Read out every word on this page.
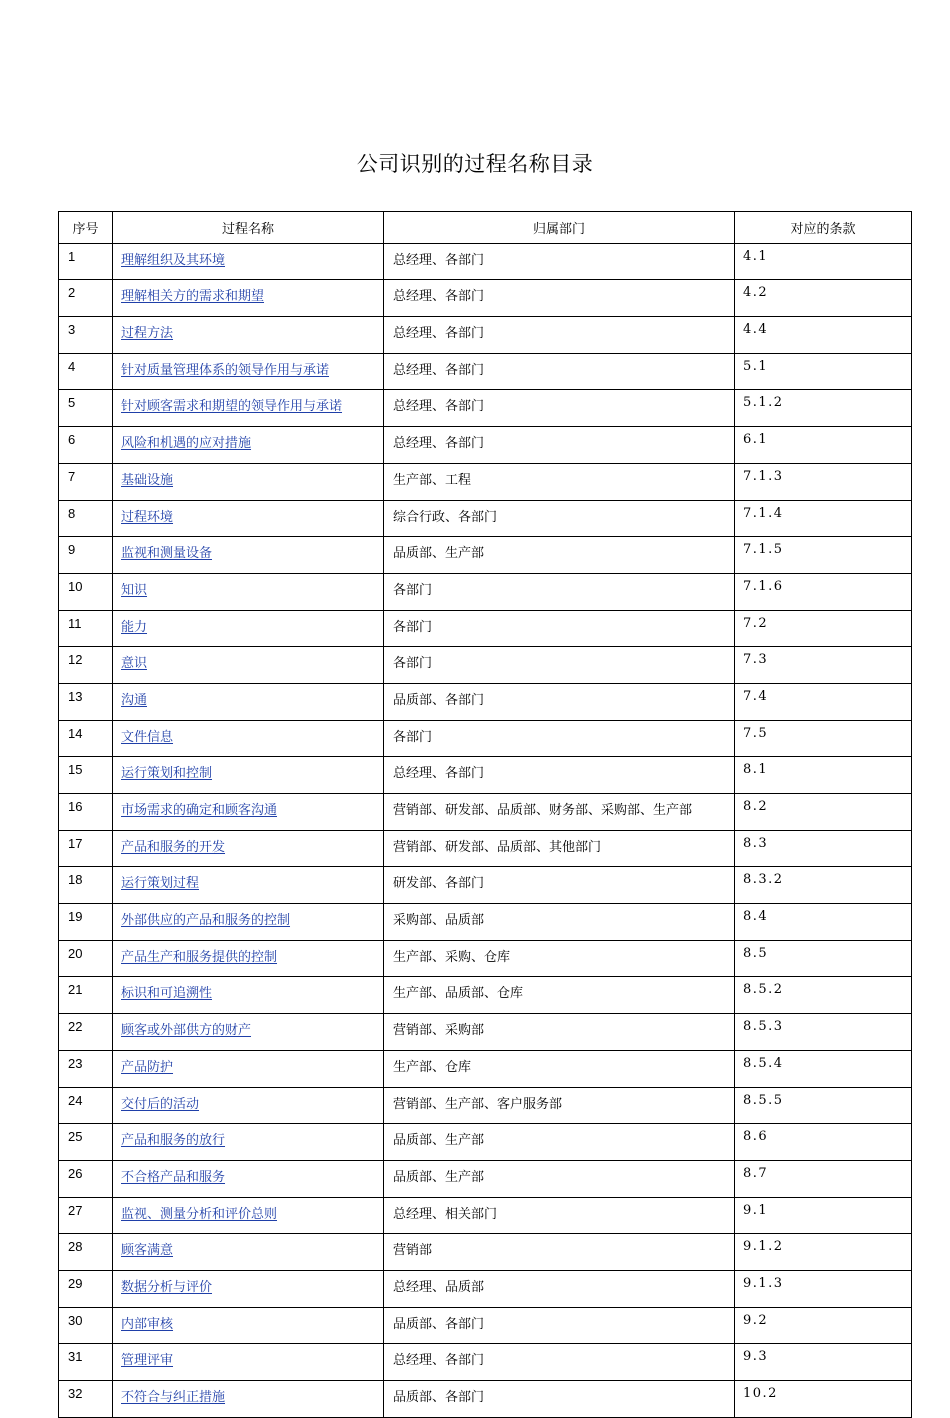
公司识别的过程名称目录
序号	过程名称	归属部门	对应的条款
1	理解组织及其环境	总经理、各部门	4.1
2	理解相关方的需求和期望	总经理、各部门	4.2
3	过程方法	总经理、各部门	4.4
4	针对质量管理体系的领导作用与承诺	总经理、各部门	5.1
5	针对顾客需求和期望的领导作用与承诺	总经理、各部门	5.1.2
6	风险和机遇的应对措施	总经理、各部门	6.1
7	基础设施	生产部、工程	7.1.3
8	过程环境	综合行政、各部门	7.1.4
9	监视和测量设备	品质部、生产部	7.1.5
10	知识	各部门	7.1.6
11	能力	各部门	7.2
12	意识	各部门	7.3
13	沟通	品质部、各部门	7.4
14	文件信息	各部门	7.5
15	运行策划和控制	总经理、各部门	8.1
16	市场需求的确定和顾客沟通	营销部、研发部、品质部、财务部、采购部、生产部	8.2
17	产品和服务的开发	营销部、研发部、品质部、其他部门	8.3
18	运行策划过程	研发部、各部门	8.3.2
19	外部供应的产品和服务的控制	采购部、品质部	8.4
20	产品生产和服务提供的控制	生产部、采购、仓库	8.5
21	标识和可追溯性	生产部、品质部、仓库	8.5.2
22	顾客或外部供方的财产	营销部、采购部	8.5.3
23	产品防护	生产部、仓库	8.5.4
24	交付后的活动	营销部、生产部、客户服务部	8.5.5
25	产品和服务的放行	品质部、生产部	8.6
26	不合格产品和服务	品质部、生产部	8.7
27	监视、测量分析和评价总则	总经理、相关部门	9.1
28	顾客满意	营销部	9.1.2
29	数据分析与评价	总经理、品质部	9.1.3
30	内部审核	品质部、各部门	9.2
31	管理评审	总经理、各部门	9.3
32	不符合与纠正措施	品质部、各部门	10.2
